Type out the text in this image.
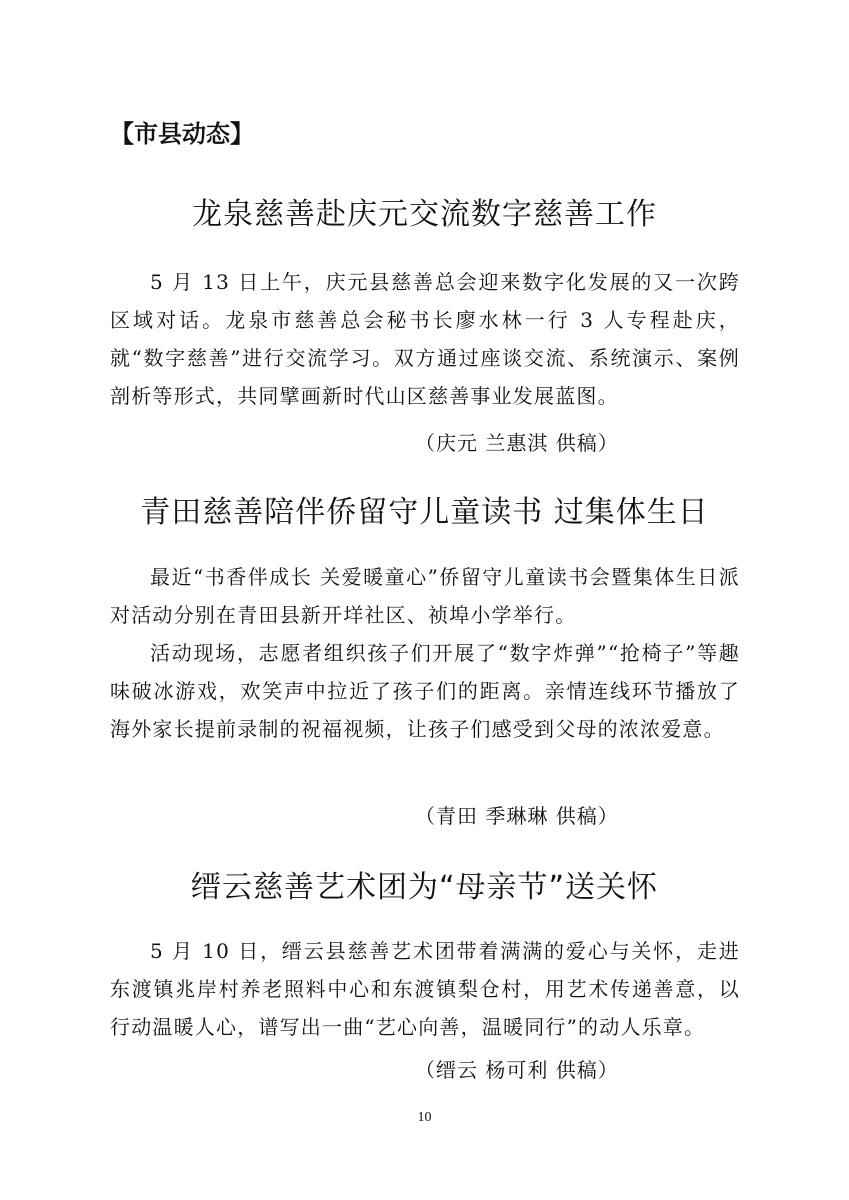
【市县动态】
龙泉慈善赴庆元交流数字慈善工作

5 月 13 日上午，庆元县慈善总会迎来数字化发展的又一次跨区域对话。龙泉市慈善总会秘书长廖水林一行 3 人专程赴庆，就“数字慈善”进行交流学习。双方通过座谈交流、系统演示、案例剖析等形式，共同擘画新时代山区慈善事业发展蓝图。

（庆元 兰惠淇 供稿）
青田慈善陪伴侨留守儿童读书 过集体生日

最近“书香伴成长 关爱暖童心”侨留守儿童读书会暨集体生日派对活动分别在青田县新开垟社区、祯埠小学举行。

活动现场，志愿者组织孩子们开展了“数字炸弹”“抢椅子”等趣味破冰游戏，欢笑声中拉近了孩子们的距离。亲情连线环节播放了海外家长提前录制的祝福视频，让孩子们感受到父母的浓浓爱意。

（青田 季琳琳 供稿）
缙云慈善艺术团为“母亲节”送关怀

5 月 10 日，缙云县慈善艺术团带着满满的爱心与关怀，走进东渡镇兆岸村养老照料中心和东渡镇梨仓村，用艺术传递善意，以行动温暖人心，谱写出一曲“艺心向善，温暖同行”的动人乐章。

（缙云 杨可利 供稿）
10
